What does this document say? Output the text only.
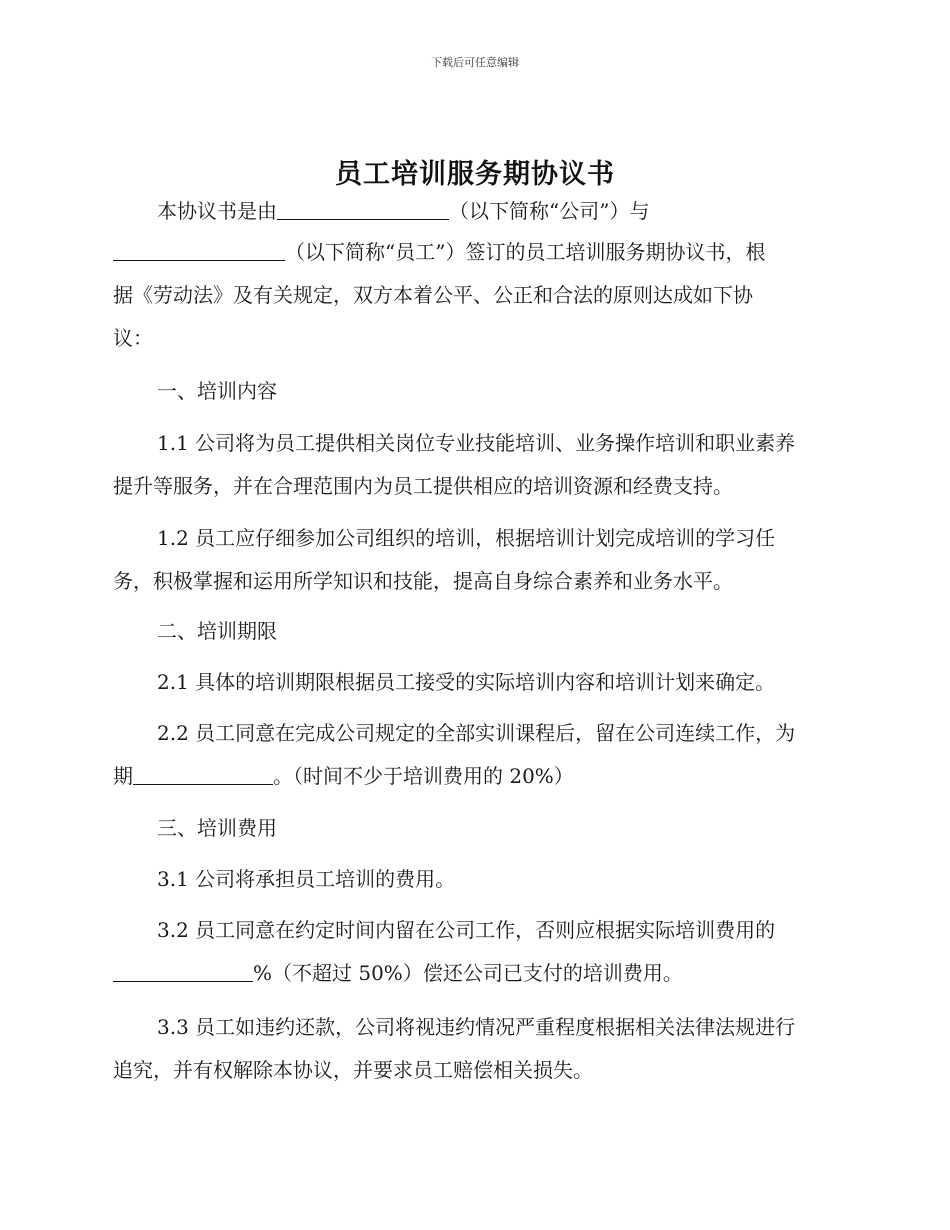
下载后可任意编辑
员工培训服务期协议书
本协议书是由	（以下简称“公司”）与
（以下简称“员工”）签订的员工培训服务期协议书，根
据《劳动法》及有关规定，双方本着公平、公正和合法的原则达成如下协
议：
一、培训内容
1.1 公司将为员工提供相关岗位专业技能培训、业务操作培训和职业素养
提升等服务，并在合理范围内为员工提供相应的培训资源和经费支持。
1.2 员工应仔细参加公司组织的培训，根据培训计划完成培训的学习任
务，积极掌握和运用所学知识和技能，提高自身综合素养和业务水平。
二、培训期限
2.1 具体的培训期限根据员工接受的实际培训内容和培训计划来确定。
2.2 员工同意在完成公司规定的全部实训课程后，留在公司连续工作，为
期	。（时间不少于培训费用的 20%）
三、培训费用
3.1 公司将承担员工培训的费用。
3.2 员工同意在约定时间内留在公司工作，否则应根据实际培训费用的
%（不超过 50%）偿还公司已支付的培训费用。
3.3 员工如违约还款，公司将视违约情况严重程度根据相关法律法规进行
追究，并有权解除本协议，并要求员工赔偿相关损失。
